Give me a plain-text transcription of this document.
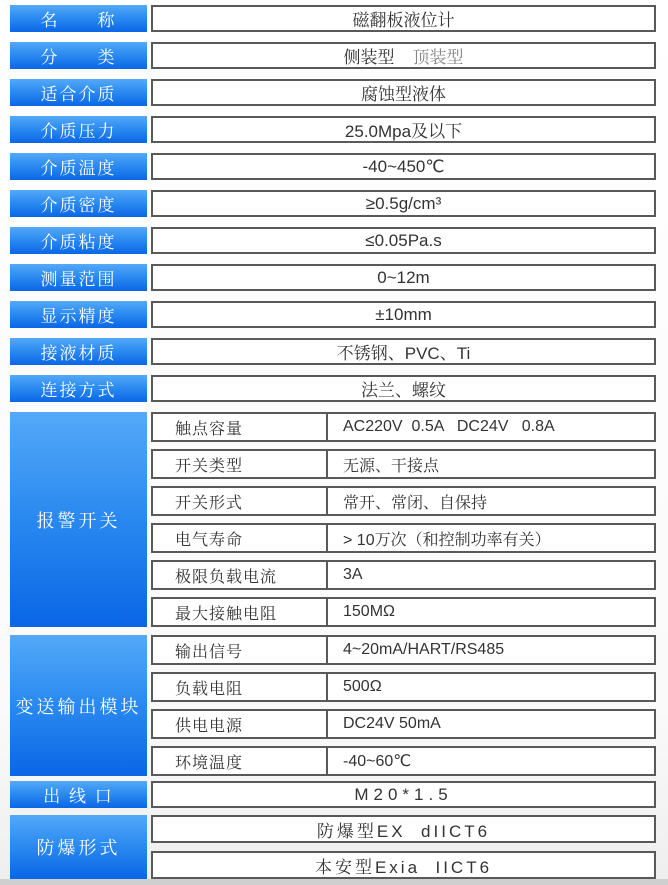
名　　称	磁翻板液位计
分　　类	侧装型 顶装型
适合介质	腐蚀型液体
介质压力	25.0Mpa及以下
介质温度	-40~450℃
介质密度	≥0.5g/cm³
介质粘度	≤0.05Pa.s
测量范围	0~12m
显示精度	±10mm
接液材质	不锈钢、PVC、Ti
连接方式	法兰、螺纹
报警开关
触点容量	AC220V  0.5A   DC24V   0.8A
开关类型	无源、干接点
开关形式	常开、常闭、自保持
电气寿命	> 10万次（和控制功率有关）
极限负载电流	3A
最大接触电阻	150MΩ
变送输出模块
输出信号	4~20mA/HART/RS485
负载电阻	500Ω
供电电源	DC24V 50mA
环境温度	-40~60℃
出 线 口	M20*1.5
防爆形式
防爆型EX  dIICT6
本安型Exia  IICT6
